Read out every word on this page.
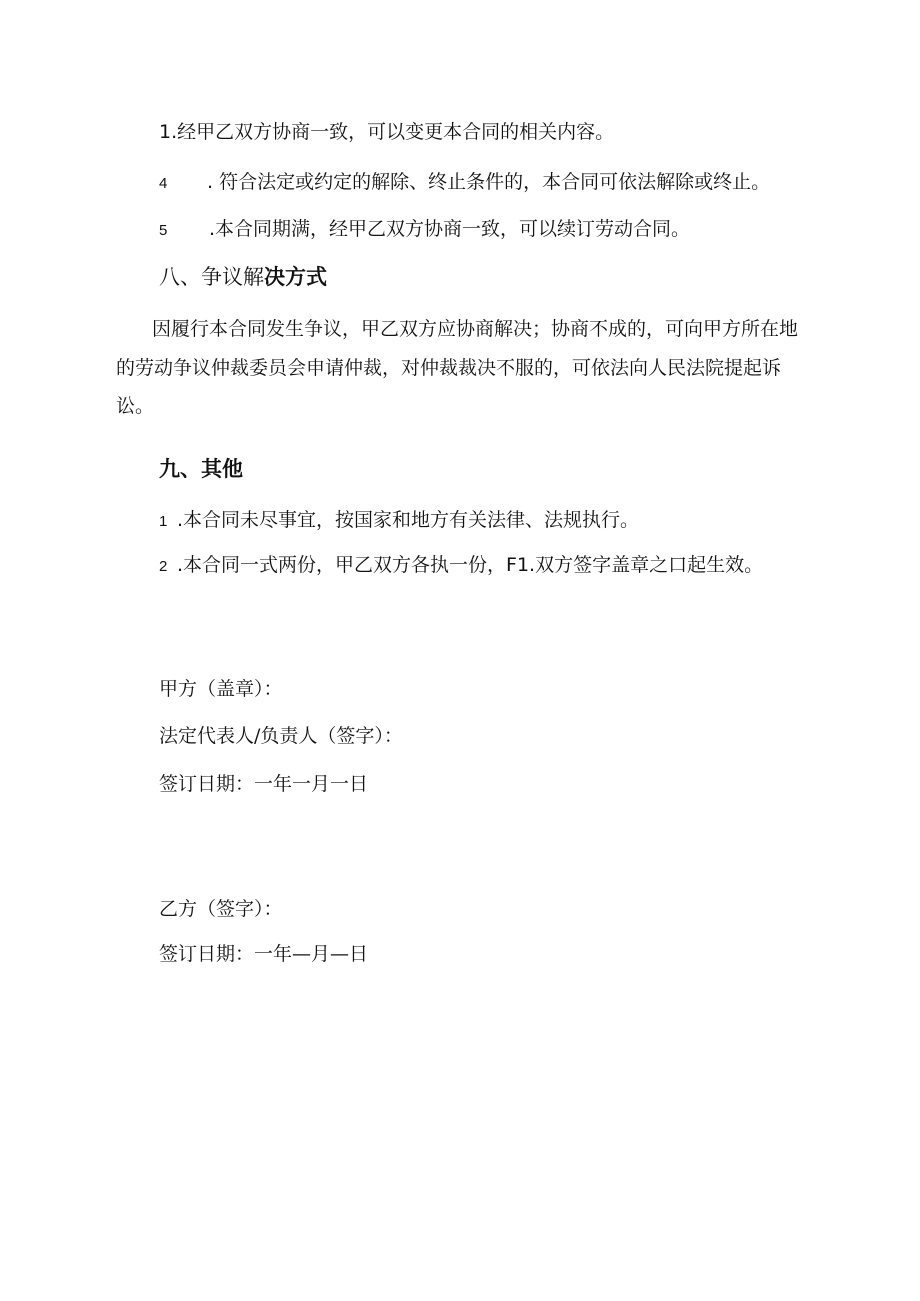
1.经甲乙双方协商一致，可以变更本合同的相关内容。
4 . 符合法定或约定的解除、终止条件的，本合同可依法解除或终止。
5 .本合同期满，经甲乙双方协商一致，可以续订劳动合同。
八、争议解决方式
因履行本合同发生争议，甲乙双方应协商解决；协商不成的，可向甲方所在地的劳动争议仲裁委员会申请仲裁，对仲裁裁决不服的，可依法向人民法院提起诉讼。
九、其他
1 .本合同未尽事宜，按国家和地方有关法律、法规执行。
2 .本合同一式两份，甲乙双方各执一份，F1.双方签字盖章之口起生效。
甲方（盖章）：
法定代表人/负责人（签字）：
签订日期：一年一月一日
乙方（签字）：
签订日期：一年—月—日
